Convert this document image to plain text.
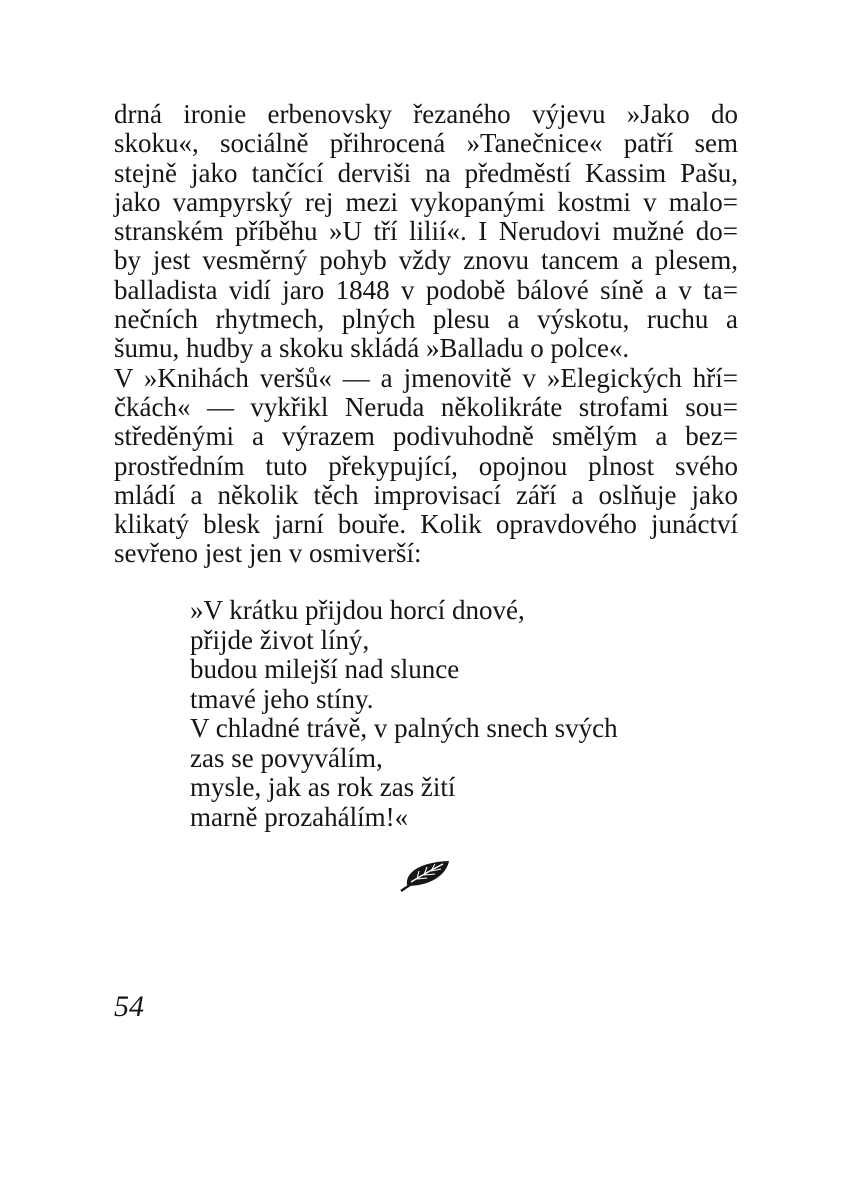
drná ironie erbenovsky řezaného výjevu »Jako do
skoku«, sociálně přihrocená »Tanečnice« patří sem
stejně jako tančící derviši na předměstí Kassim Pašu,
jako vampyrský rej mezi vykopanými kostmi v malo=
stranském příběhu »U tří lilií«. I Nerudovi mužné do=
by jest vesměrný pohyb vždy znovu tancem a plesem,
balladista vidí jaro 1848 v podobě bálové síně a v ta=
nečních rhytmech, plných plesu a výskotu, ruchu a
šumu, hudby a skoku skládá »Balladu o polce«.
V »Knihách veršů« — a jmenovitě v »Elegických hří=
čkách« — vykřikl Neruda několikráte strofami sou=
středěnými a výrazem podivuhodně smělým a bez=
prostředním tuto překypující, opojnou plnost svého
mládí a několik těch improvisací září a oslňuje jako
klikatý blesk jarní bouře. Kolik opravdového junáctví
sevřeno jest jen v osmiverší:
»V krátku přijdou horcí dnové,
přijde život líný,
budou milejší nad slunce
tmavé jeho stíny.
V chladné trávě, v palných snech svých
zas se povyválím,
mysle, jak as rok zas žití
marně prozahálím!«
54
